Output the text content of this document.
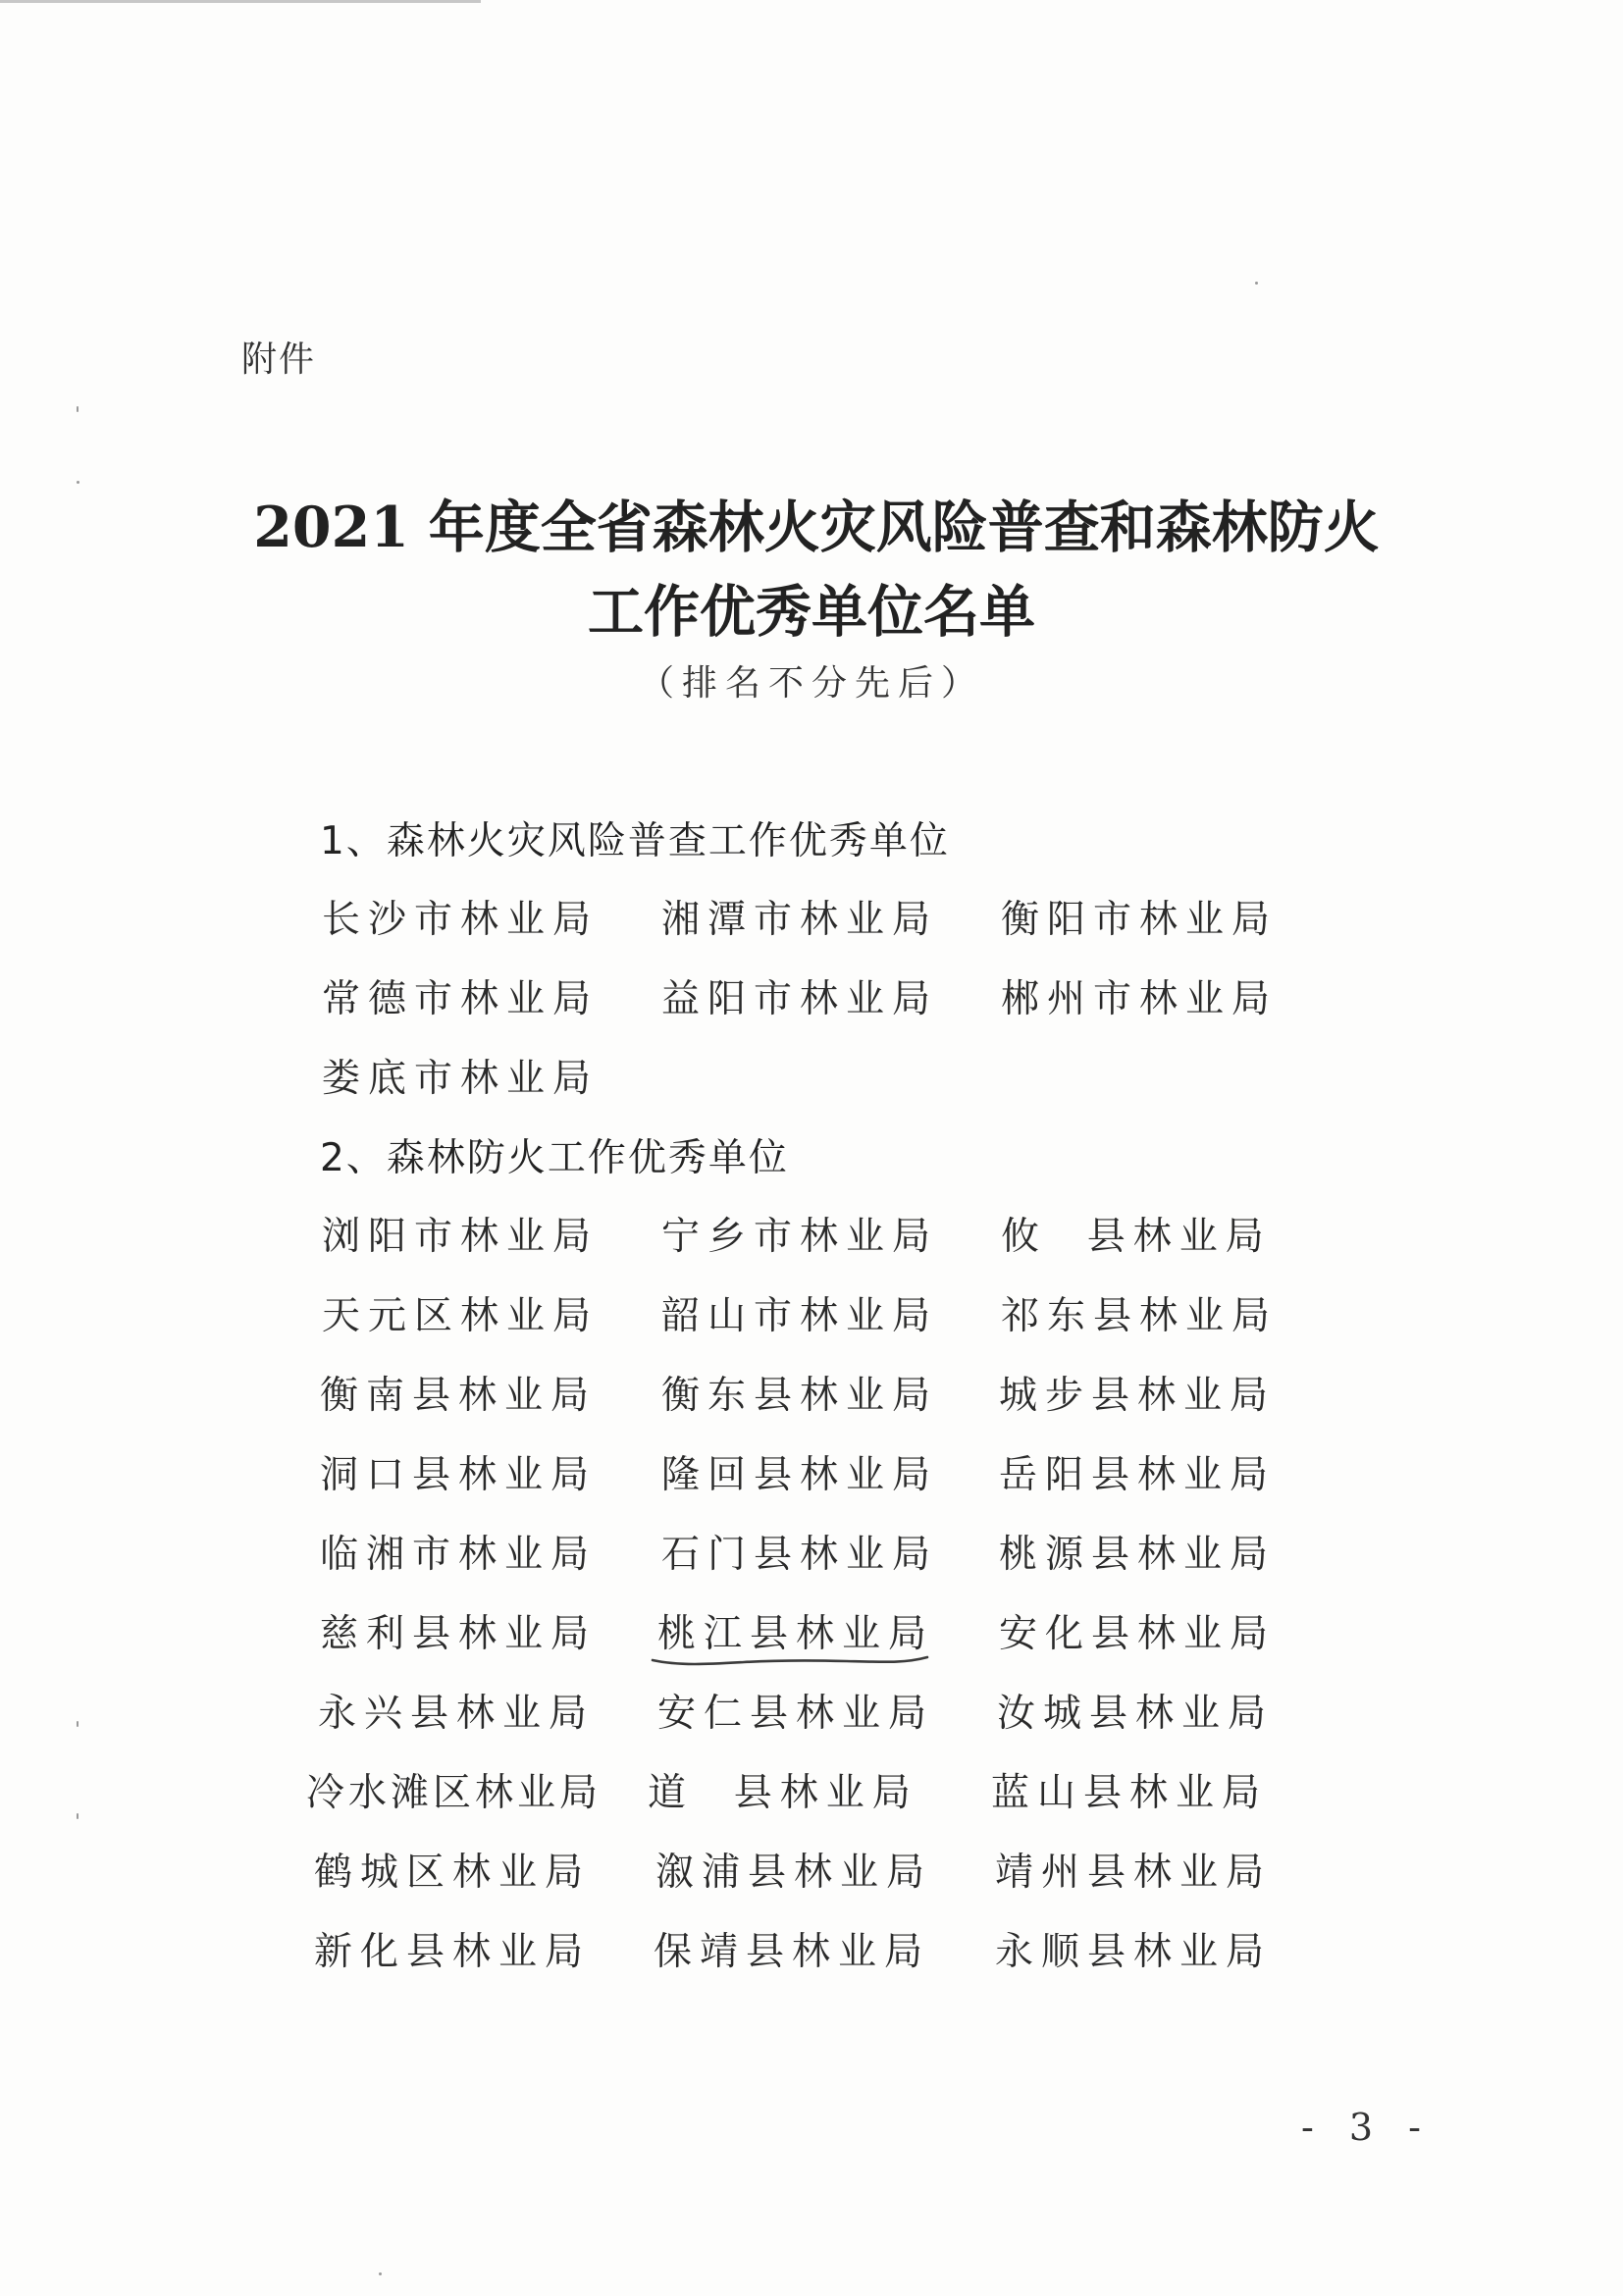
附件
2021 年度全省森林火灾风险普查和森林防火
工作优秀单位名单
（排名不分先后）
1、森林火灾风险普查工作优秀单位
长沙市林业局 湘潭市林业局 衡阳市林业局
常德市林业局 益阳市林业局 郴州市林业局
娄底市林业局
2、森林防火工作优秀单位
浏阳市林业局 宁乡市林业局 攸  县林业局
天元区林业局 韶山市林业局 祁东县林业局
衡南县林业局 衡东县林业局 城步县林业局
洞口县林业局 隆回县林业局 岳阳县林业局
临湘市林业局 石门县林业局 桃源县林业局
慈利县林业局 桃江县林业局 安化县林业局
永兴县林业局 安仁县林业局 汝城县林业局
冷水滩区林业局 道  县林业局 蓝山县林业局
鹤城区林业局 溆浦县林业局 靖州县林业局
新化县林业局 保靖县林业局 永顺县林业局
- 3 -
